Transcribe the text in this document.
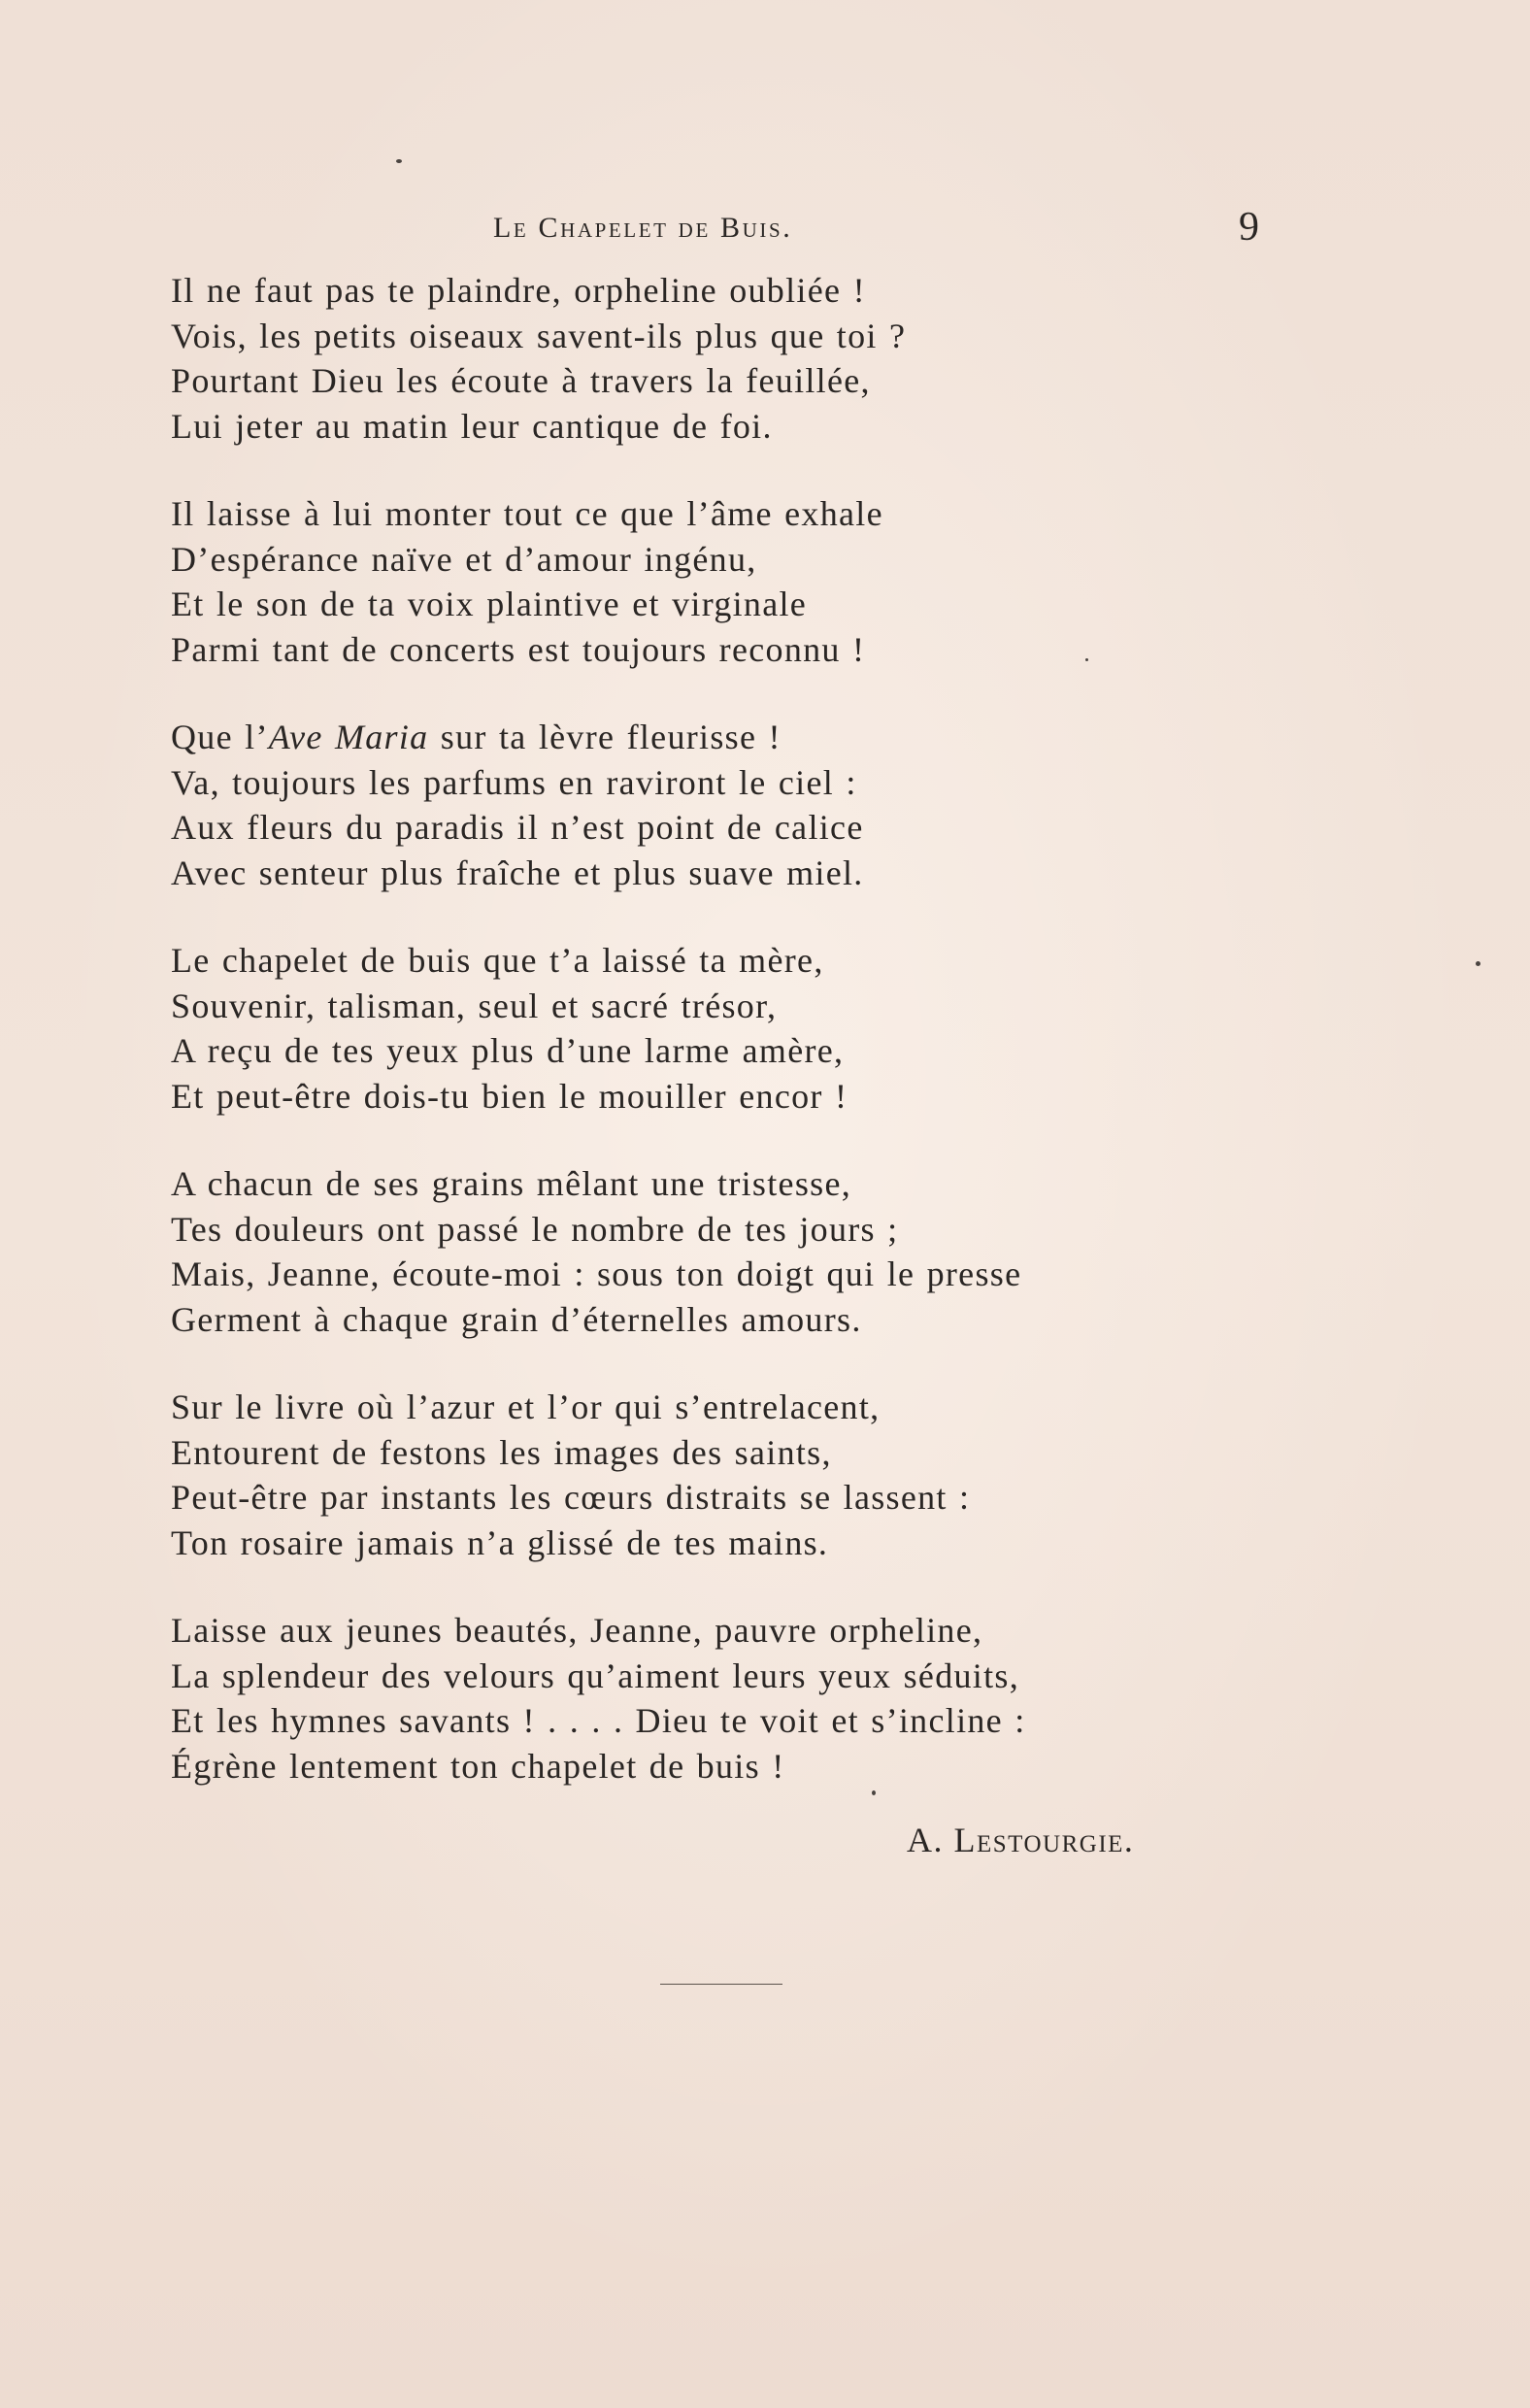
Le Chapelet de Buis.	9
Il ne faut pas te plaindre, orpheline oubliée !
Vois, les petits oiseaux savent-ils plus que toi ?
Pourtant Dieu les écoute à travers la feuillée,
Lui jeter au matin leur cantique de foi.
Il laisse à lui monter tout ce que l’âme exhale
D’espérance naïve et d’amour ingénu,
Et le son de ta voix plaintive et virginale
Parmi tant de concerts est toujours reconnu !
Que l’Ave Maria sur ta lèvre fleurisse !
Va, toujours les parfums en raviront le ciel :
Aux fleurs du paradis il n’est point de calice
Avec senteur plus fraîche et plus suave miel.
Le chapelet de buis que t’a laissé ta mère,
Souvenir, talisman, seul et sacré trésor,
A reçu de tes yeux plus d’une larme amère,
Et peut-être dois-tu bien le mouiller encor !
A chacun de ses grains mêlant une tristesse,
Tes douleurs ont passé le nombre de tes jours ;
Mais, Jeanne, écoute-moi : sous ton doigt qui le presse
Germent à chaque grain d’éternelles amours.
Sur le livre où l’azur et l’or qui s’entrelacent,
Entourent de festons les images des saints,
Peut-être par instants les cœurs distraits se lassent :
Ton rosaire jamais n’a glissé de tes mains.
Laisse aux jeunes beautés, Jeanne, pauvre orpheline,
La splendeur des velours qu’aiment leurs yeux séduits,
Et les hymnes savants ! . . . . Dieu te voit et s’incline :
Égrène lentement ton chapelet de buis !
A. Lestourgie.
